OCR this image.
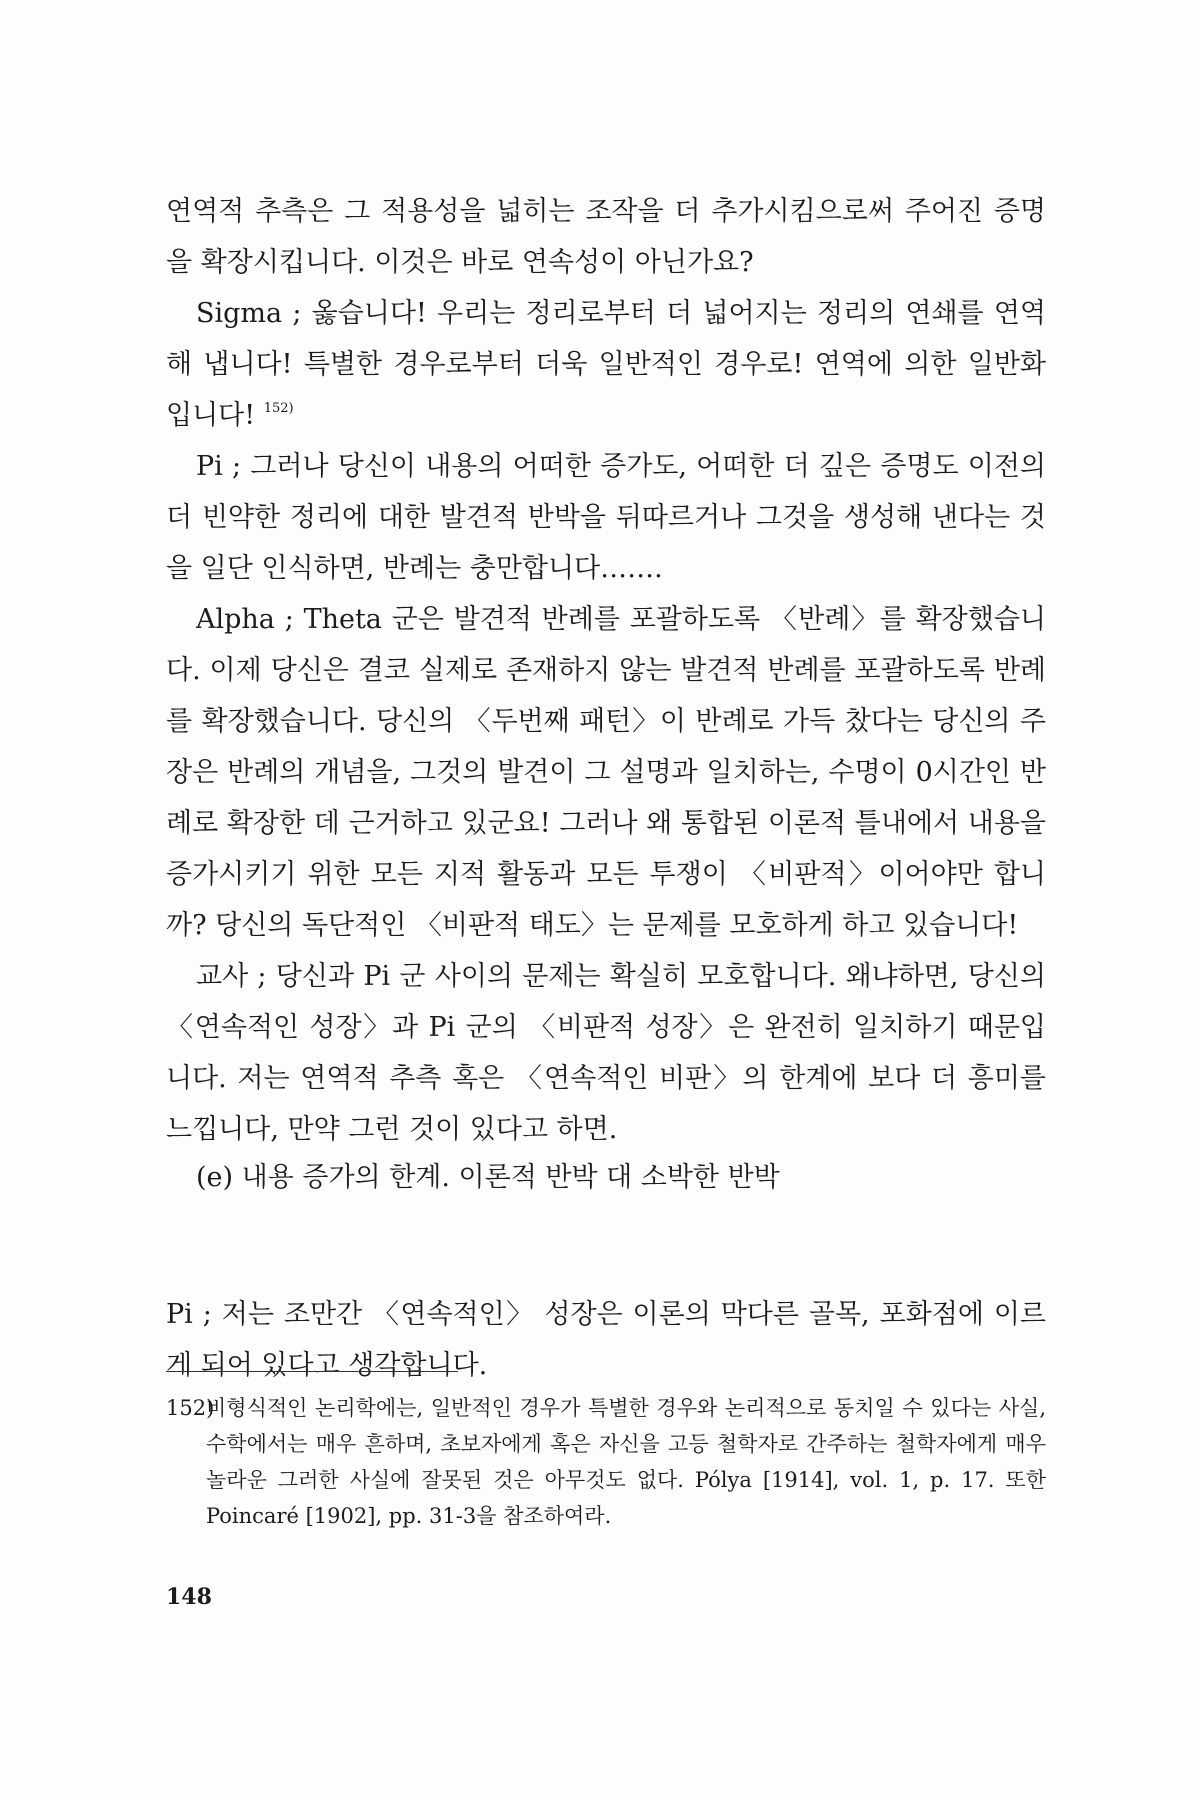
연역적 추측은 그 적용성을 넓히는 조작을 더 추가시킴으로써 주어진 증명을 확장시킵니다. 이것은 바로 연속성이 아닌가요?

Sigma ; 옳습니다! 우리는 정리로부터 더 넓어지는 정리의 연쇄를 연역해 냅니다! 특별한 경우로부터 더욱 일반적인 경우로! 연역에 의한 일반화입니다! $^{152)}$

Pi ; 그러나 당신이 내용의 어떠한 증가도, 어떠한 더 깊은 증명도 이전의 더 빈약한 정리에 대한 발견적 반박을 뒤따르거나 그것을 생성해 낸다는 것을 일단 인식하면, 반례는 충만합니다…….

Alpha ; Theta 군은 발견적 반례를 포괄하도록 〈반례〉를 확장했습니다. 이제 당신은 결코 실제로 존재하지 않는 발견적 반례를 포괄하도록 반례를 확장했습니다. 당신의 〈두번째 패턴〉이 반례로 가득 찼다는 당신의 주장은 반례의 개념을, 그것의 발견이 그 설명과 일치하는, 수명이 0시간인 반례로 확장한 데 근거하고 있군요! 그러나 왜 통합된 이론적 틀내에서 내용을 증가시키기 위한 모든 지적 활동과 모든 투쟁이 〈비판적〉이어야만 합니까? 당신의 독단적인 〈비판적 태도〉는 문제를 모호하게 하고 있습니다!

교사 ; 당신과 Pi 군 사이의 문제는 확실히 모호합니다. 왜냐하면, 당신의 〈연속적인 성장〉과 Pi 군의 〈비판적 성장〉은 완전히 일치하기 때문입니다. 저는 연역적 추측 혹은 〈연속적인 비판〉의 한계에 보다 더 흥미를 느낍니다, 만약 그런 것이 있다고 하면.

(e) 내용 증가의 한계. 이론적 반박 대 소박한 반박

Pi ; 저는 조만간 〈연속적인〉 성장은 이론의 막다른 골목, 포화점에 이르게 되어 있다고 생각합니다.

152)
비형식적인 논리학에는, 일반적인 경우가 특별한 경우와 논리적으로 동치일 수 있다는 사실, 수학에서는 매우 흔하며, 초보자에게 혹은 자신을 고등 철학자로 간주하는 철학자에게 매우 놀라운 그러한 사실에 잘못된 것은 아무것도 없다. Pólya [1914], vol. 1, p. 17. 또한 Poincaré [1902], pp. 31-3을 참조하여라.

148
